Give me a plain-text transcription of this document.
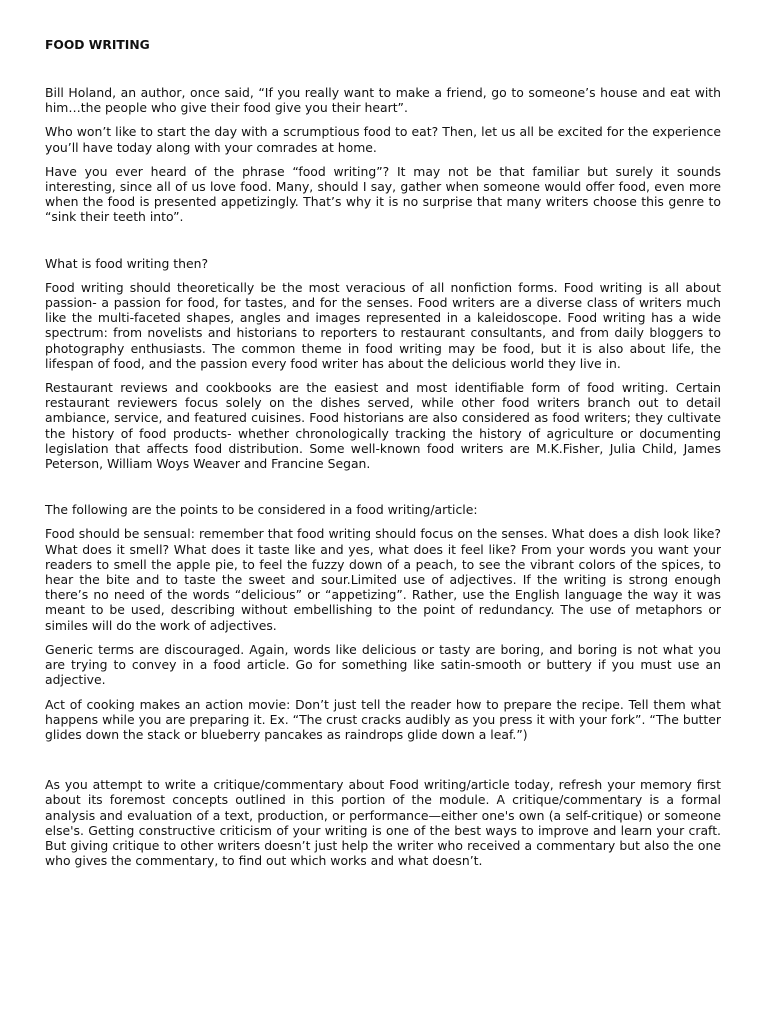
FOOD WRITING

Bill Holand, an author, once said, “If you really want to make a friend, go to someone’s house and eat with him…the people who give their food give you their heart”.

Who won’t like to start the day with a scrumptious food to eat? Then, let us all be excited for the experience you’ll have today along with your comrades at home.

Have you ever heard of the phrase “food writing”? It may not be that familiar but surely it sounds interesting, since all of us love food. Many, should I say, gather when someone would offer food, even more when the food is presented appetizingly. That’s why it is no surprise that many writers choose this genre to “sink their teeth into”.

What is food writing then?

Food writing should theoretically be the most veracious of all nonfiction forms. Food writing is all about passion- a passion for food, for tastes, and for the senses. Food writers are a diverse class of writers much like the multi-faceted shapes, angles and images represented in a kaleidoscope. Food writing has a wide spectrum: from novelists and historians to reporters to restaurant consultants, and from daily bloggers to photography enthusiasts. The common theme in food writing may be food, but it is also about life, the lifespan of food, and the passion every food writer has about the delicious world they live in.

Restaurant reviews and cookbooks are the easiest and most identifiable form of food writing. Certain restaurant reviewers focus solely on the dishes served, while other food writers branch out to detail ambiance, service, and featured cuisines. Food historians are also considered as food writers; they cultivate the history of food products- whether chronologically tracking the history of agriculture or documenting legislation that affects food distribution. Some well-known food writers are M.K.Fisher, Julia Child, James Peterson, William Woys Weaver and Francine Segan.

The following are the points to be considered in a food writing/article:

Food should be sensual: remember that food writing should focus on the senses. What does a dish look like? What does it smell? What does it taste like and yes, what does it feel like? From your words you want your readers to smell the apple pie, to feel the fuzzy down of a peach, to see the vibrant colors of the spices, to hear the bite and to taste the sweet and sour.Limited use of adjectives. If the writing is strong enough there’s no need of the words “delicious” or “appetizing”. Rather, use the English language the way it was meant to be used, describing without embellishing to the point of redundancy. The use of metaphors or similes will do the work of adjectives.

Generic terms are discouraged. Again, words like delicious or tasty are boring, and boring is not what you are trying to convey in a food article. Go for something like satin-smooth or buttery if you must use an adjective.

Act of cooking makes an action movie: Don’t just tell the reader how to prepare the recipe. Tell them what happens while you are preparing it. Ex. “The crust cracks audibly as you press it with your fork”. “The butter glides down the stack or blueberry pancakes as raindrops glide down a leaf.”)

As you attempt to write a critique/commentary about Food writing/article today, refresh your memory first about its foremost concepts outlined in this portion of the module. A critique/commentary is a formal analysis and evaluation of a text, production, or performance—either one's own (a self-critique) or someone else's. Getting constructive criticism of your writing is one of the best ways to improve and learn your craft. But giving critique to other writers doesn’t just help the writer who received a commentary but also the one who gives the commentary, to find out which works and what doesn’t.
